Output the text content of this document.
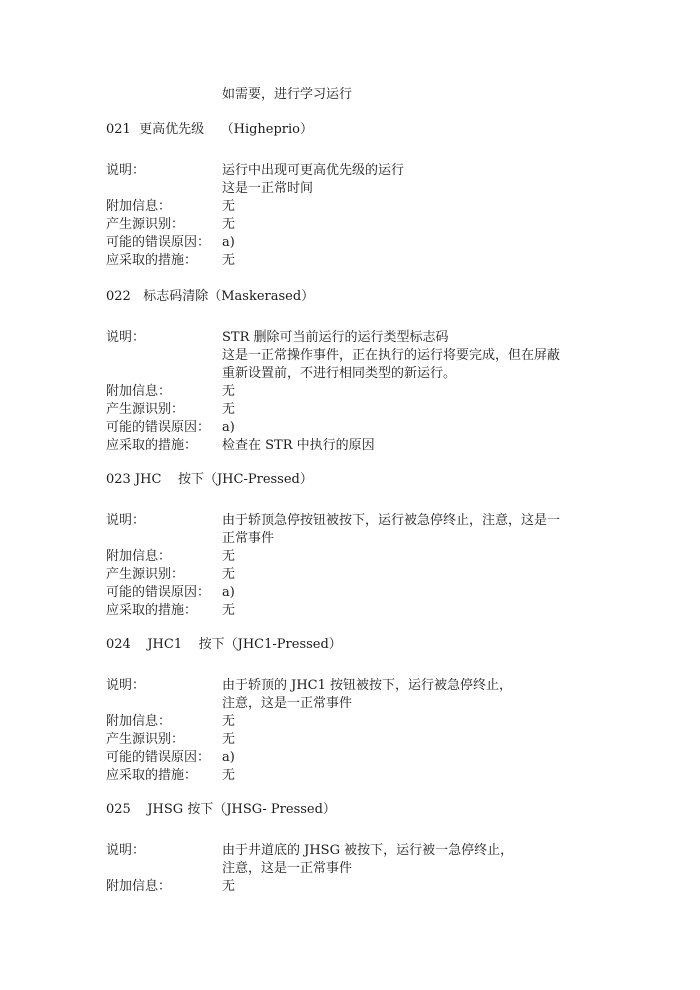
如需要，进行学习运行
021  更高优先级    （Higheprio）
说明：	运行中出现可更高优先级的运行
这是一正常时间
附加信息：	无
产生源识别：	无
可能的错误原因： a)
应采取的措施：	无
022   标志码清除（Maskerased）
说明：	STR 删除可当前运行的运行类型标志码
这是一正常操作事件，正在执行的运行将要完成，但在屏蔽
重新设置前，不进行相同类型的新运行。
附加信息：	无
产生源识别：	无
可能的错误原因： a)
应采取的措施：	检查在 STR 中执行的原因
023 JHC    按下（JHC-Pressed）
说明：	由于轿顶急停按钮被按下，运行被急停终止，注意，这是一
正常事件
附加信息：	无
产生源识别：	无
可能的错误原因： a)
应采取的措施：	无
024    JHC1    按下（JHC1-Pressed）
说明：	由于轿顶的 JHC1 按钮被按下，运行被急停终止，
注意，这是一正常事件
附加信息：	无
产生源识别：	无
可能的错误原因： a)
应采取的措施：	无
025    JHSG 按下（JHSG- Pressed）
说明：	由于井道底的 JHSG 被按下，运行被一急停终止，
注意，这是一正常事件
附加信息：	无
